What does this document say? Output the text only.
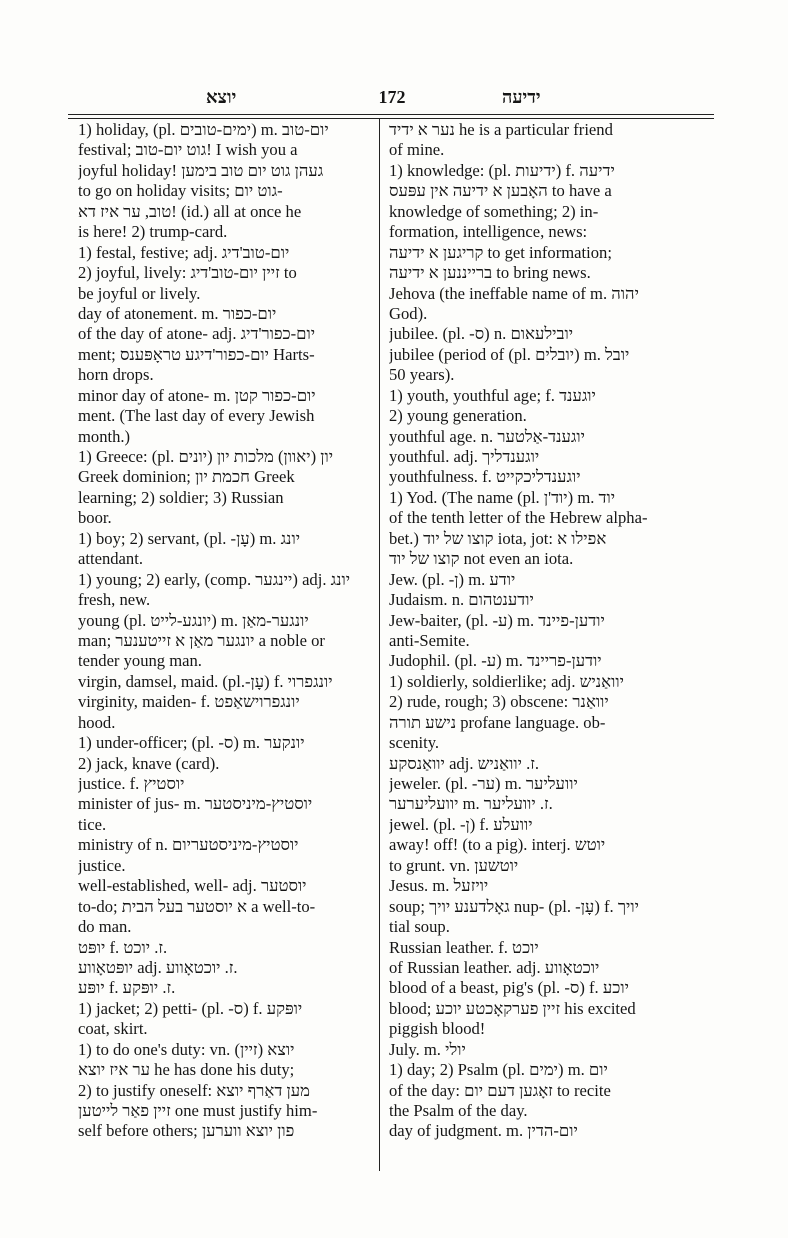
יוצא	172	ידיעה
1) holiday, (pl. ימים-טובים) m. יום-טוב
festival; גוט יום-טוב! I wish you a
joyful holiday! געהן גוט יום טוב בימען
to go on holiday visits; גוט יום-
טוב, ער איז דא! (id.) all at once he
is here! 2) trump-card.
1) festal, festive; adj. יום-טוב'דיג
2) joyful, lively: זיין יום-טוב'דיג to
be joyful or lively.
day of atonement. m. יום-כפור
of the day of atone- adj. יום-כפור'דיג
ment; יום-כפור'דיגע טראָפּענס Harts-
horn drops.
minor day of atone- m. יום-כפור קטן
ment. (The last day of every Jewish
month.)
1) Greece: (pl. יונים) יון (יאוון) מלכות יון
Greek dominion; חכמת יון Greek
learning; 2) soldier; 3) Russian
boor.
1) boy; 2) servant, (pl. -עָן) m. יונג
attendant.
1) young; 2) early, (comp. יינגער) adj. יונג
fresh, new.
young (pl. יונגע-לייט) m. יונגער-מאַן
man; יונגער מאַן א זייטענער a noble or
tender young man.
virgin, damsel, maid. (pl.-עָן) f. יונגפרוי
virginity, maiden- f. יונגפרוישאַפט
hood.
1) under-officer; (pl. -ס) m. יונקער
2) jack, knave (card).
justice. f. יוסטיץ
minister of jus- m. יוסטיץ-מיניסטער
tice.
ministry of n. יוסטיץ-מיניסטעריום
justice.
well-established, well- adj. יוסטער
to-do; א יוסטער בעל הבית a well-to-
do man.
יופּט f. ז. יוכט.
יופּטאָווע adj. ז. יוכטאָווע.
יופּע f. ז. יופּקע.
1) jacket; 2) petti- (pl. -ס) f. יופּקע
coat, skirt.
1) to do one's duty: vn. (זיין) יוצא
ער איז יוצא he has done his duty;
2) to justify oneself: מען דאַרף יוצא
זיין פאַר לייטען one must justify him-
self before others; פון יוצא ווערען
נער א ידיד he is a particular friend
of mine.
1) knowledge: (pl. ידיעות) f. ידיעה
האָבען א ידיעה אין עפּעס to have a
knowledge of something; 2) in-
formation, intelligence, news:
קריגען א ידיעה to get information;
ברייננען א ידיעה to bring news.
Jehova (the ineffable name of m. יהוה
God).
jubilee. (pl. -ס) n. יובילעאום
jubilee (period of (pl. יובלים) m. יובל
50 years).
1) youth, youthful age; f. יוגענד
2) young generation.
youthful age. n. יוגענד-אַלטער
youthful. adj. יוגענדליך
youthfulness. f. יוגענדליכקייט
1) Yod. (The name (pl. יוד'ן) m. יוד
of the tenth letter of the Hebrew alpha-
bet.) קוצו של יוד iota, jot: אפילו א
קוצו של יוד not even an iota.
Jew. (pl. -ן) m. יודע
Judaism. n. יודענטהום
Jew-baiter, (pl. -ע) m. יודען-פיינד
anti-Semite.
Judophil. (pl. -ע) m. יודען-פריינד
1) soldierly, soldierlike; adj. יוואַניש
2) rude, rough; 3) obscene: יוואַנר
נישע תורה profane language. ob-
scenity.
יוואַנסקע adj. ז. יוואַניש.
jeweler. (pl. -ער) m. יוועליער
יוועליערער m. ז. יוועליער.
jewel. (pl. -ן) f. יוועלע
away! off! (to a pig). interj. יוטש
to grunt. vn. יוטשען
Jesus. m. יויזעל
soup; גאָלדענע יויך nup- (pl. -עָן) f. יויך
tial soup.
Russian leather. f. יוכט
of Russian leather. adj. יוכטאָווע
blood of a beast, pig's (pl. -ס) f. יוכע
blood; זיין פערקאָכטע יוכע his excited
piggish blood!
July. m. יולי
1) day; 2) Psalm (pl. ימים) m. יום
of the day: זאָגען דעם יום to recite
the Psalm of the day.
day of judgment. m. יום-הדין
